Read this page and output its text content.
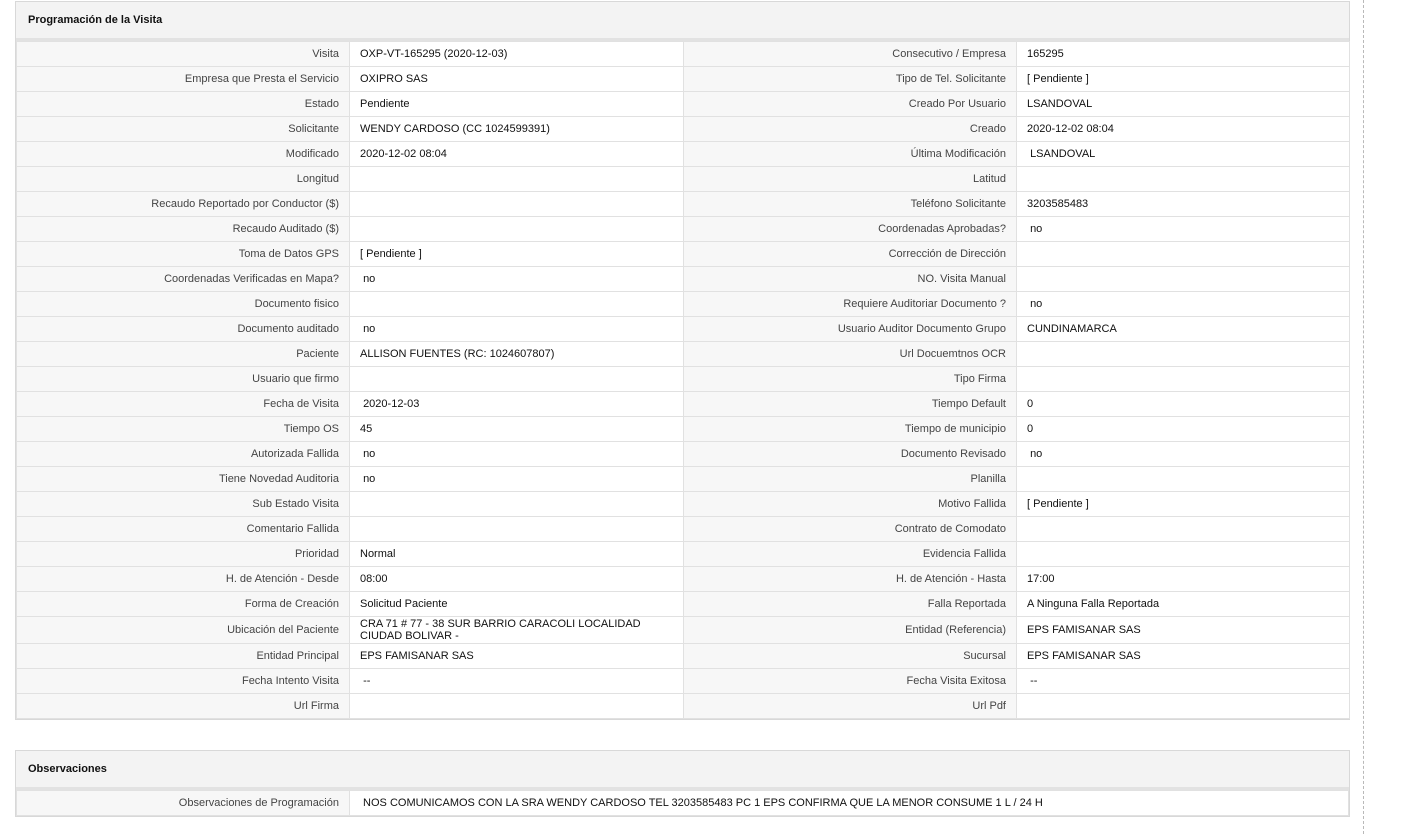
Programación de la Visita
Visita	OXP-VT-165295 (2020-12-03)	Consecutivo / Empresa	165295
Empresa que Presta el Servicio	OXIPRO SAS	Tipo de Tel. Solicitante	[ Pendiente ]
Estado	Pendiente	Creado Por Usuario	LSANDOVAL
Solicitante	WENDY CARDOSO (CC 1024599391)	Creado	2020-12-02 08:04
Modificado	2020-12-02 08:04	Última Modificación	LSANDOVAL
Longitud		Latitud	
Recaudo Reportado por Conductor ($)		Teléfono Solicitante	3203585483
Recaudo Auditado ($)		Coordenadas Aprobadas?	no
Toma de Datos GPS	[ Pendiente ]	Corrección de Dirección	
Coordenadas Verificadas en Mapa?	no	NO. Visita Manual	
Documento fisico		Requiere Auditoriar Documento ?	no
Documento auditado	no	Usuario Auditor Documento Grupo	CUNDINAMARCA
Paciente	ALLISON FUENTES (RC: 1024607807)	Url Docuemtnos OCR	
Usuario que firmo		Tipo Firma	
Fecha de Visita	2020-12-03	Tiempo Default	0
Tiempo OS	45	Tiempo de municipio	0
Autorizada Fallida	no	Documento Revisado	no
Tiene Novedad Auditoria	no	Planilla	
Sub Estado Visita		Motivo Fallida	[ Pendiente ]
Comentario Fallida		Contrato de Comodato	
Prioridad	Normal	Evidencia Fallida	
H. de Atención - Desde	08:00	H. de Atención - Hasta	17:00
Forma de Creación	Solicitud Paciente	Falla Reportada	A Ninguna Falla Reportada
Ubicación del Paciente	CRA 71 # 77 - 38 SUR BARRIO CARACOLI LOCALIDAD CIUDAD BOLIVAR -	Entidad (Referencia)	EPS FAMISANAR SAS
Entidad Principal	EPS FAMISANAR SAS	Sucursal	EPS FAMISANAR SAS
Fecha Intento Visita	--	Fecha Visita Exitosa	--
Url Firma		Url Pdf	
Observaciones
Observaciones de Programación	NOS COMUNICAMOS CON LA SRA WENDY CARDOSO TEL 3203585483 PC 1 EPS CONFIRMA QUE LA MENOR CONSUME 1 L / 24 H
